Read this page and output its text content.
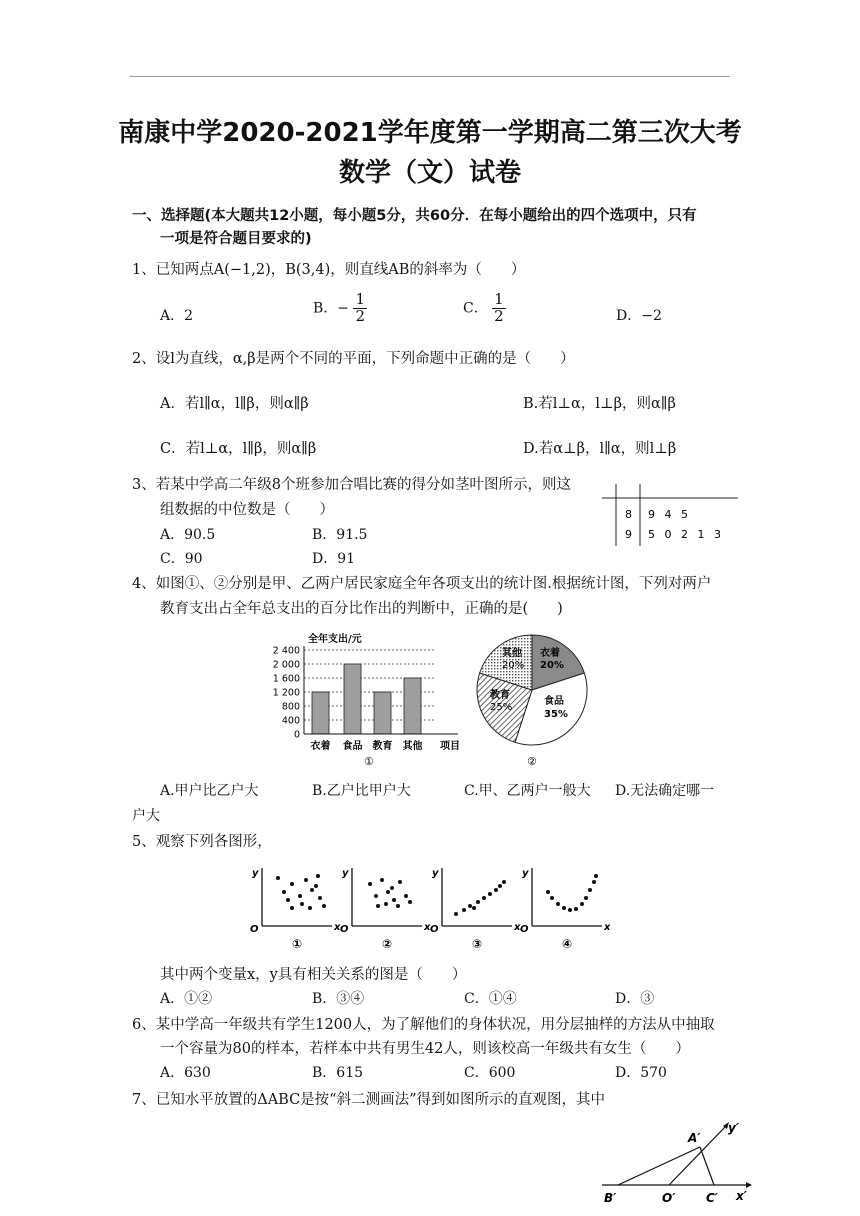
南康中学2020-2021学年度第一学期高二第三次大考
数学（文）试卷
一、选择题(本大题共12小题，每小题5分，共60分．在每小题给出的四个选项中，只有
一项是符合题目要求的)
1、已知两点A(−1,2)，B(3,4)，则直线AB的斜率为（　　）
A．2	B．− $\frac{1}{2}$	C． $\frac{1}{2}$	D．−2
2、设l为直线，α,β是两个不同的平面，下列命题中正确的是（　　）
A．若l∥α，l∥β，则α∥β	B.若l⊥α，l⊥β，则α∥β
C．若l⊥α，l∥β，则α∥β	D.若α⊥β，l∥α，则l⊥β
3、若某中学高二年级8个班参加合唱比赛的得分如茎叶图所示，则这
组数据的中位数是（　　）
A．90.5	B．91.5
C．90	D．91
8 9 4 5
9 5 0 2 1 3
4、如图①、②分别是甲、乙两户居民家庭全年各项支出的统计图.根据统计图，下列对两户
教育支出占全年总支出的百分比作出的判断中，正确的是(　　)
全年支出/元
0
400
800
1 200
1 600
2 000
2 400
衣着 食品 教育 其他 项目
①
其他
20%
衣着
20%
食品
35%
教育
25%
②
A.甲户比乙户大	B.乙户比甲户大	C.甲、乙两户一般大 D.无法确定哪一
户大
5、观察下列各图形，
y
x
O
①
y
x
O
②
y
x
O
③
y
x
O
④
其中两个变量x，y具有相关关系的图是（　　）
A．①②	B．③④	C．①④	D．③
6、某中学高一年级共有学生1200人，为了解他们的身体状况，用分层抽样的方法从中抽取
一个容量为80的样本，若样本中共有男生42人，则该校高一年级共有女生（　　）
A．630	B．615	C．600	D．570
7、已知水平放置的ΔABC是按“斜二测画法”得到如图所示的直观图，其中
A′
y′
B′	O′	C′ x′
